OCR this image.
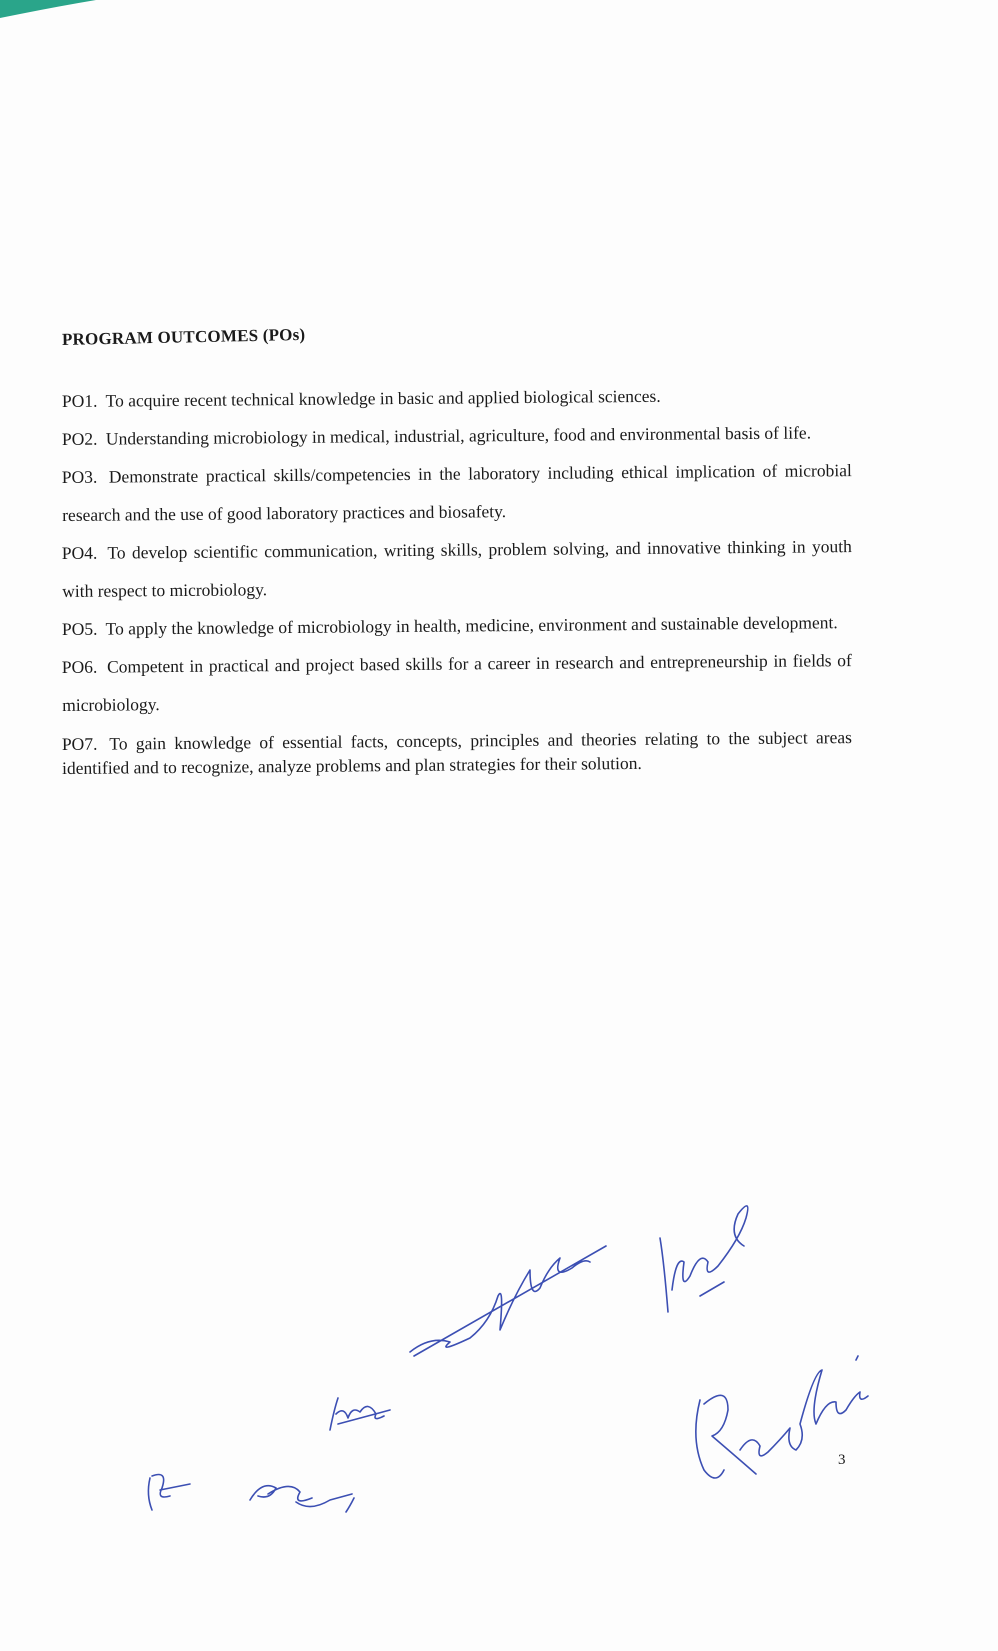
PROGRAM OUTCOMES (POs)

PO1. To acquire recent technical knowledge in basic and applied biological sciences.

PO2. Understanding microbiology in medical, industrial, agriculture, food and environmental basis of life.

PO3. Demonstrate practical skills/competencies in the laboratory including ethical implication of microbial research and the use of good laboratory practices and biosafety.

PO4. To develop scientific communication, writing skills, problem solving, and innovative thinking in youth with respect to microbiology.

PO5. To apply the knowledge of microbiology in health, medicine, environment and sustainable development.

PO6. Competent in practical and project based skills for a career in research and entrepreneurship in fields of microbiology.

PO7. To gain knowledge of essential facts, concepts, principles and theories relating to the subject areas identified and to recognize, analyze problems and plan strategies for their solution.

3
